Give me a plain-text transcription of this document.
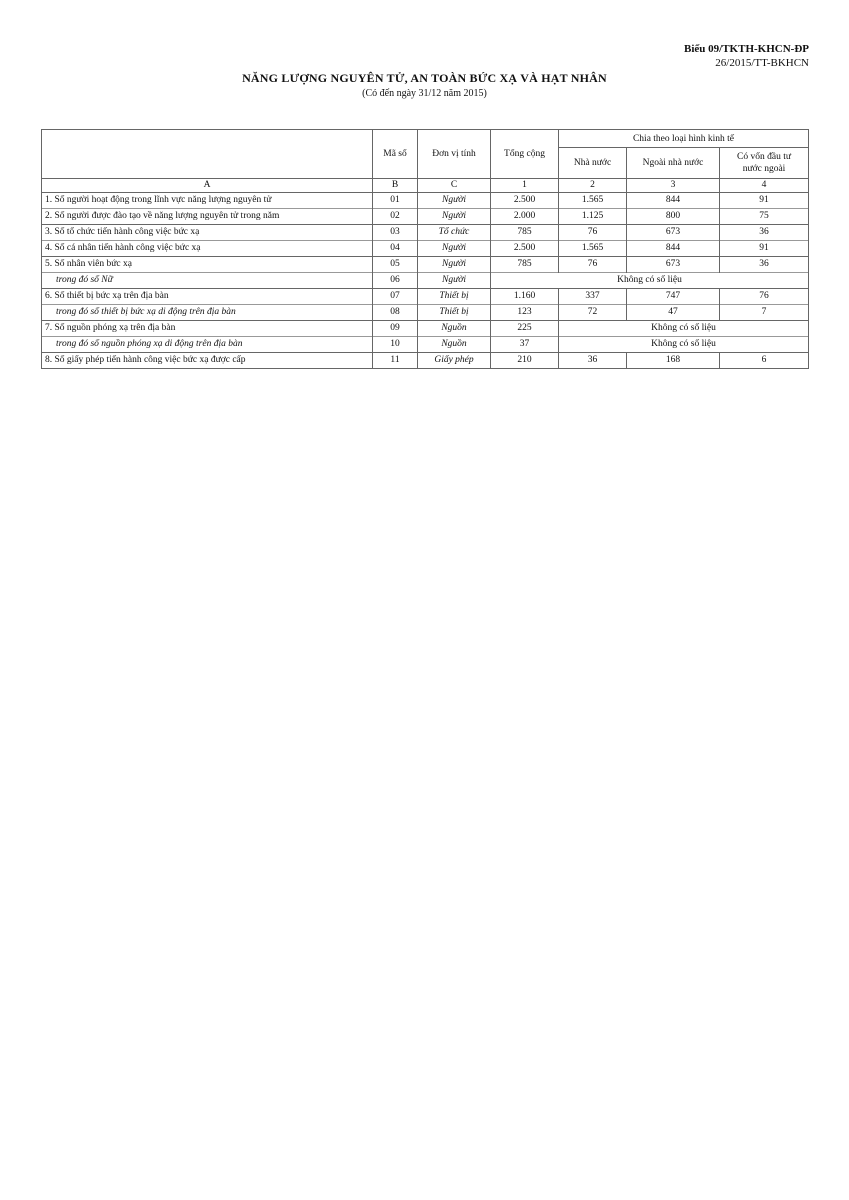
Biểu 09/TKTH-KHCN-ĐP
26/2015/TT-BKHCN
NĂNG LƯỢNG NGUYÊN TỬ, AN TOÀN BỨC XẠ VÀ HẠT NHÂN
(Có đến ngày 31/12 năm 2015)
	Mã số	Đơn vị tính	Tổng cộng	Chia theo loại hình kinh tế		
				Nhà nước	Ngoài nhà nước	Có vốn đầu tư
nước ngoài
A	B	C	1	2	3	4
1. Số người hoạt động trong lĩnh vực năng lượng nguyên tử	01	Người	2.500	1.565	844	91
2. Số người được đào tạo về năng lượng nguyên tử trong năm	02	Người	2.000	1.125	800	75
3. Số tổ chức tiến hành công việc bức xạ	03	Tổ chức	785	76	673	36
4. Số cá nhân tiến hành công việc bức xạ	04	Người	2.500	1.565	844	91
5. Số nhân viên bức xạ	05	Người	785	76	673	36
trong đó số Nữ	06	Người	Không có số liệu			
6. Số thiết bị bức xạ trên địa bàn	07	Thiết bị	1.160	337	747	76
trong đó số thiết bị bức xạ di động trên địa bàn	08	Thiết bị	123	72	47	7
7. Số nguồn phóng xạ trên địa bàn	09	Nguồn	225	Không có số liệu		
trong đó số nguồn phóng xạ di động trên địa bàn	10	Nguồn	37	Không có số liệu		
8. Số giấy phép tiến hành công việc bức xạ được cấp	11	Giấy phép	210	36	168	6
